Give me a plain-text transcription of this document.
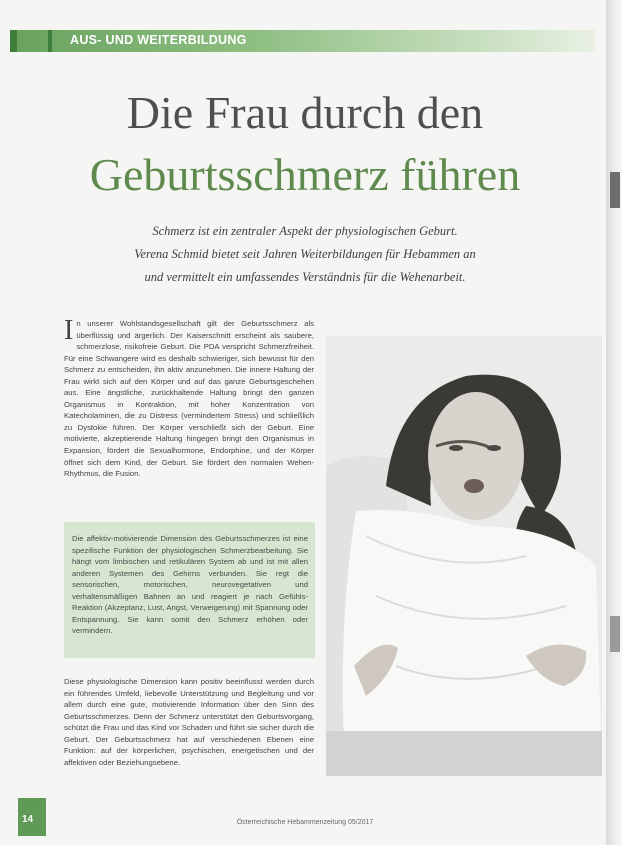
AUS- UND WEITERBILDUNG
Die Frau durch den
Geburtsschmerz führen
Schmerz ist ein zentraler Aspekt der physiologischen Geburt.
Verena Schmid bietet seit Jahren Weiterbildungen für Hebammen an
und vermittelt ein umfassendes Verständnis für die Wehenarbeit.
In unserer Wohlstandsgesellschaft gilt der Geburtsschmerz als überflüssig und ärgerlich. Der Kaiserschnitt erscheint als saubere, schmerzlose, risikofreie Geburt. Die PDA verspricht Schmerzfreiheit. Für eine Schwangere wird es deshalb schwieriger, sich bewusst für den Schmerz zu entscheiden, ihn aktiv anzunehmen. Die innere Haltung der Frau wirkt sich auf den Körper und auf das ganze Geburtsgeschehen aus. Eine ängstliche, zurückhaltende Haltung bringt den ganzen Organismus in Kontraktion, mit hoher Konzentration von Katecholaminen, die zu Distress (vermindertem Stress) und schließlich zu Dystokie führen. Der Körper verschließt sich der Geburt. Eine motivierte, akzeptierende Haltung hingegen bringt den Organismus in Expansion, fördert die Sexualhormone, Endorphine, und der Körper öffnet sich dem Kind, der Geburt. Sie fördert den normalen Wehen-Rhythmus, die Fusion.
Die affektiv-motivierende Dimension des Geburtsschmerzes ist eine spezifische Funktion der physiologischen Schmerzbearbeitung. Sie hängt vom limbischen und retikulären System ab und ist mit allen anderen Systemen des Gehirns verbunden. Sie regt die sensorischen, motorischen, neurovegetativen und verhaltensmäßigen Bahnen an und reagiert je nach Gefühls-Reaktion (Akzeptanz, Lust, Angst, Verweigerung) mit Spannung oder Entspannung. Sie kann somit den Schmerz erhöhen oder vermindern.
Diese physiologische Dimension kann positiv beeinflusst werden durch ein führendes Umfeld, liebevolle Unterstützung und Begleitung und vor allem durch eine gute, motivierende Information über den Sinn des Geburtsschmerzes. Denn der Schmerz unterstützt den Geburtsvorgang, schützt die Frau und das Kind vor Schaden und führt sie sicher durch die Geburt. Der Geburtsschmerz hat auf verschiedenen Ebenen eine Funktion: auf der körperlichen, psychischen, energetischen und der affektiven oder Beziehungsebene.
14	Österreichische Hebammenzeitung 05/2017
